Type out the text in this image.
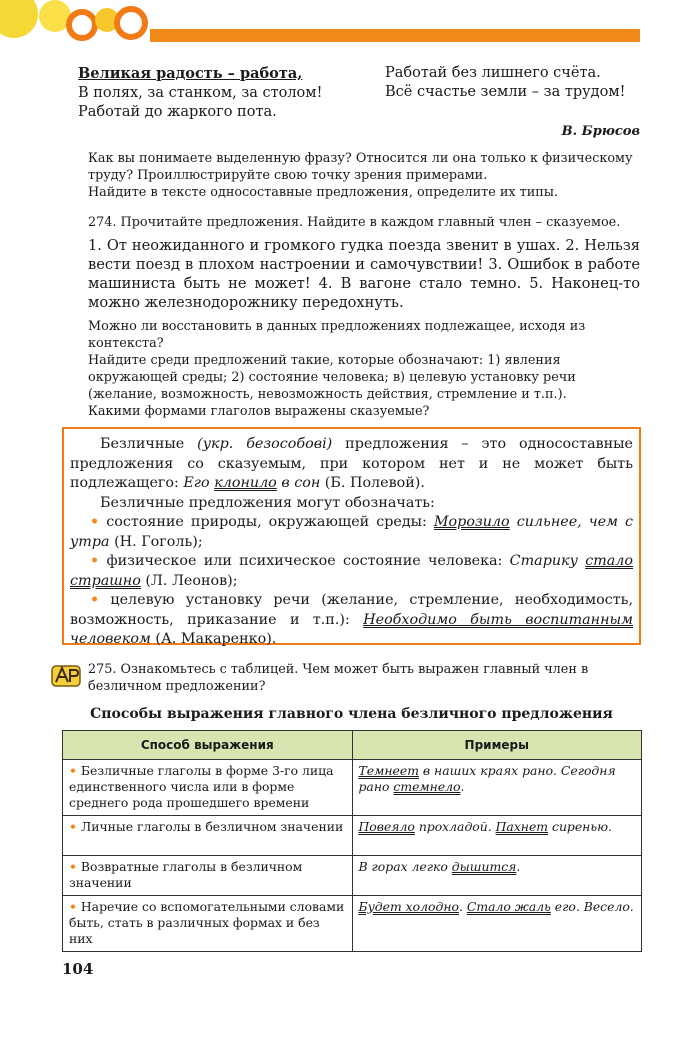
Великая радость – работа,
В полях, за станком, за столом!
Работай до жаркого пота.
Работай без лишнего счёта.
Всё счастье земли – за трудом!
В. Брюсов
Как вы понимаете выделенную фразу? Относится ли она только к физическому труду? Проиллюстрируйте свою точку зрения примерами.
Найдите в тексте односоставные предложения, определите их типы.
274. Прочитайте предложения. Найдите в каждом главный член – сказуемое.
1. От неожиданного и громкого гудка поезда звенит в ушах. 2. Нельзя вести поезд в плохом настроении и самочувствии! 3. Ошибок в работе машиниста быть не может! 4. В вагоне стало темно. 5. Наконец-то можно железнодорожнику передохнуть.
Можно ли восстановить в данных предложениях подлежащее, исходя из контекста?
Найдите среди предложений такие, которые обозначают: 1) явления окружающей среды; 2) состояние человека; в) целевую установку речи (желание, возможность, невозможность действия, стремление и т.п.).
Какими формами глаголов выражены сказуемые?

Безличные (укр. безособові) предложения – это односоставные предложения со сказуемым, при котором нет и не может быть подлежащего: Его клонило в сон (Б. Полевой).

Безличные предложения могут обозначать:

• состояние природы, окружающей среды: Морозило сильнее, чем с утра (Н. Гоголь);

• физическое или психическое состояние человека: Старику стало страшно (Л. Леонов);

• целевую установку речи (желание, стремление, необходимость, возможность, приказание и т.п.): Необходимо быть воспитанным человеком (А. Макаренко).

275. Ознакомьтесь с таблицей. Чем может быть выражен главный член в безличном предложении?
Способы выражения главного члена безличного предложения
Способ выражения	Примеры
• Безличные глаголы в форме 3-го лица единственного числа или в форме среднего рода прошедшего времени	Темнеет в наших краях рано. Сегодня рано стемнело.
• Личные глаголы в безличном значении	Повеяло прохладой. Пахнет сиренью.
• Возвратные глаголы в безличном значении	В горах легко дышится.
• Наречие со вспомогательными словами быть, стать в различных формах и без них	Будет холодно. Стало жаль его. Весело.
104
